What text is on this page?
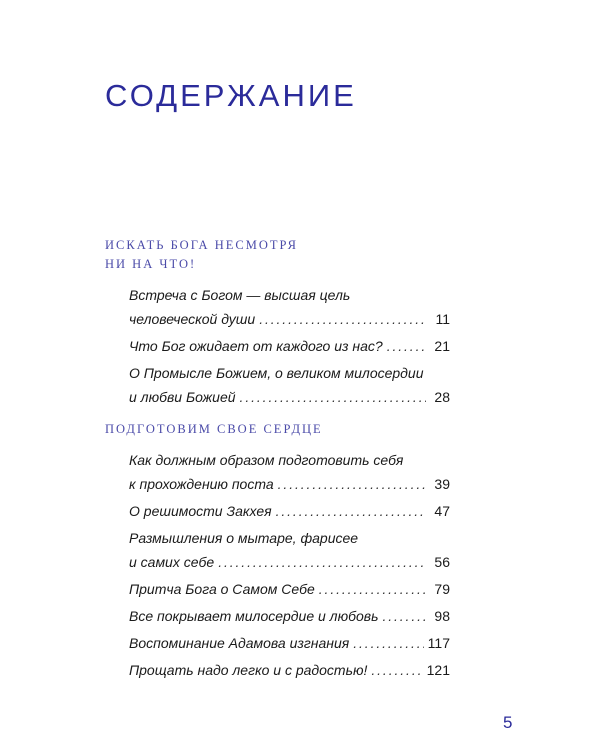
СОДЕРЖАНИЕ
ИСКАТЬ БОГА НЕСМОТРЯ
НИ НА ЧТО!
Встреча с Богом — высшая цель
человеческой души . . .	11
Что Бог ожидает от каждого из нас? . . .	21
О Промысле Божием, о великом милосердии
и любви Божией . . .	28
ПОДГОТОВИМ СВОЕ СЕРДЦЕ
Как должным образом подготовить себя
к прохождению поста . . .	39
О решимости Закхея . . .	47
Размышления о мытаре, фарисее
и самих себе . . .	56
Притча Бога о Самом Себе . . .	79
Все покрывает милосердие и любовь . . .	98
Воспоминание Адамова изгнания . . .	117
Прощать надо легко и с радостью! . . .	121
5
